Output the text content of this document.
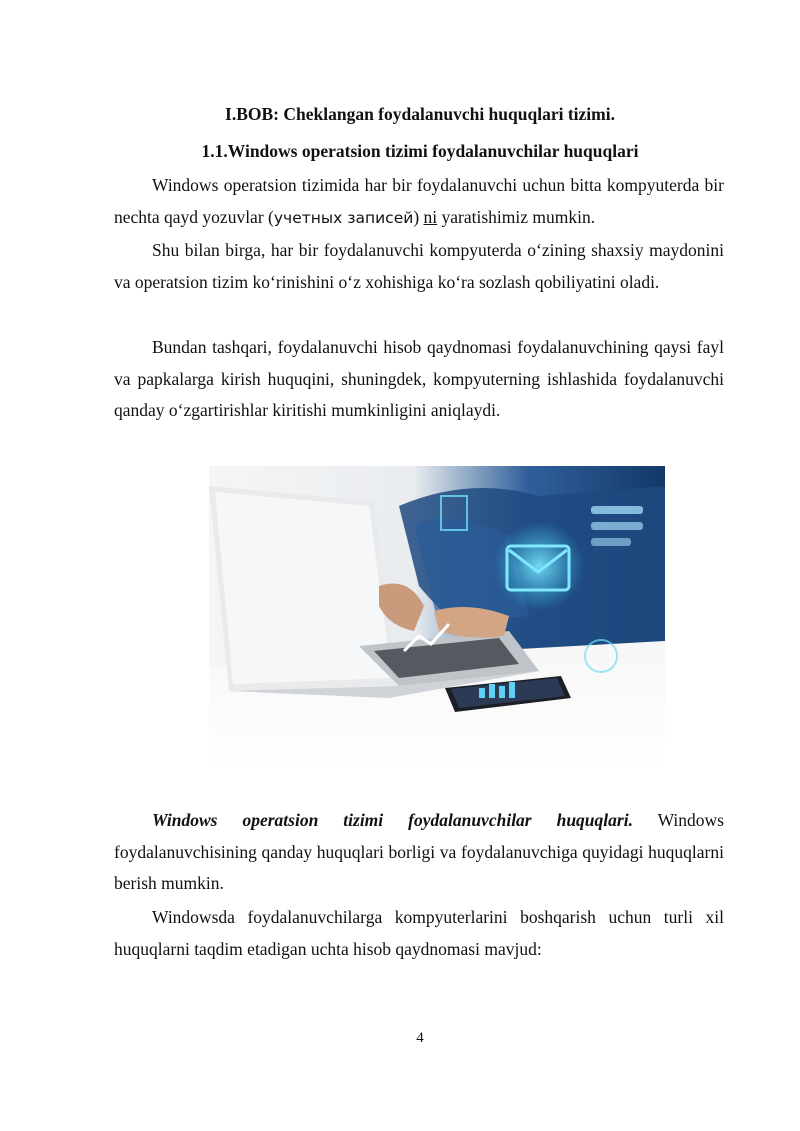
I.BOB: Cheklangan foydalanuvchi huquqlari tizimi.
1.1.Windows operatsion tizimi foydalanuvchilar huquqlari

Windows operatsion tizimida har bir foydalanuvchi uchun bitta kompyuterda bir nechta qayd yozuvlar (учетных записей) ni yaratishimiz mumkin.

Shu bilan birga, har bir foydalanuvchi kompyuterda o‘zining shaxsiy maydonini va operatsion tizim ko‘rinishini o‘z xohishiga ko‘ra sozlash qobiliyatini oladi.

Bundan tashqari, foydalanuvchi hisob qaydnomasi foydalanuvchining qaysi fayl va papkalarga kirish huquqini, shuningdek, kompyuterning ishlashida foydalanuvchi qanday o‘zgartirishlar kiritishi mumkinligini aniqlaydi.

Windows operatsion tizimi foydalanuvchilar huquqlari. Windows foydalanuvchisining qanday huquqlari borligi va foydalanuvchiga quyidagi huquqlarni berish mumkin.

Windowsda foydalanuvchilarga kompyuterlarini boshqarish uchun turli xil huquqlarni taqdim etadigan uchta hisob qaydnomasi mavjud:

4
